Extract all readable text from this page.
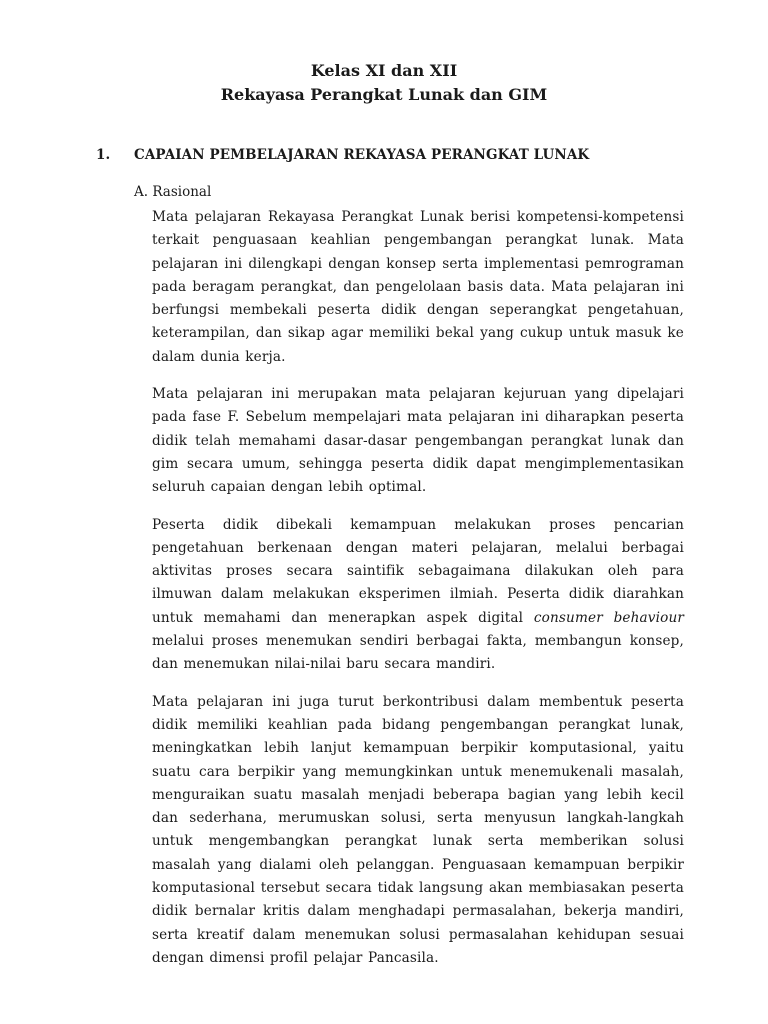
Kelas XI dan XII
Rekayasa Perangkat Lunak dan GIM
1. CAPAIAN PEMBELAJARAN REKAYASA PERANGKAT LUNAK
A. Rasional

Mata pelajaran Rekayasa Perangkat Lunak berisi kompetensi-kompetensi terkait penguasaan keahlian pengembangan perangkat lunak. Mata pelajaran ini dilengkapi dengan konsep serta implementasi pemrograman pada beragam perangkat, dan pengelolaan basis data. Mata pelajaran ini berfungsi membekali peserta didik dengan seperangkat pengetahuan, keterampilan, dan sikap agar memiliki bekal yang cukup untuk masuk ke dalam dunia kerja.

Mata pelajaran ini merupakan mata pelajaran kejuruan yang dipelajari pada fase F. Sebelum mempelajari mata pelajaran ini diharapkan peserta didik telah memahami dasar-dasar pengembangan perangkat lunak dan gim secara umum, sehingga peserta didik dapat mengimplementasikan seluruh capaian dengan lebih optimal.

Peserta didik dibekali kemampuan melakukan proses pencarian pengetahuan berkenaan dengan materi pelajaran, melalui berbagai aktivitas proses secara saintifik sebagaimana dilakukan oleh para ilmuwan dalam melakukan eksperimen ilmiah. Peserta didik diarahkan untuk memahami dan menerapkan aspek digital consumer behaviour melalui proses menemukan sendiri berbagai fakta, membangun konsep, dan menemukan nilai-nilai baru secara mandiri.

Mata pelajaran ini juga turut berkontribusi dalam membentuk peserta didik memiliki keahlian pada bidang pengembangan perangkat lunak, meningkatkan lebih lanjut kemampuan berpikir komputasional, yaitu suatu cara berpikir yang memungkinkan untuk menemukenali masalah, menguraikan suatu masalah menjadi beberapa bagian yang lebih kecil dan sederhana, merumuskan solusi, serta menyusun langkah-langkah untuk mengembangkan perangkat lunak serta memberikan solusi masalah yang dialami oleh pelanggan. Penguasaan kemampuan berpikir komputasional tersebut secara tidak langsung akan membiasakan peserta didik bernalar kritis dalam menghadapi permasalahan, bekerja mandiri, serta kreatif dalam menemukan solusi permasalahan kehidupan sesuai dengan dimensi profil pelajar Pancasila.
